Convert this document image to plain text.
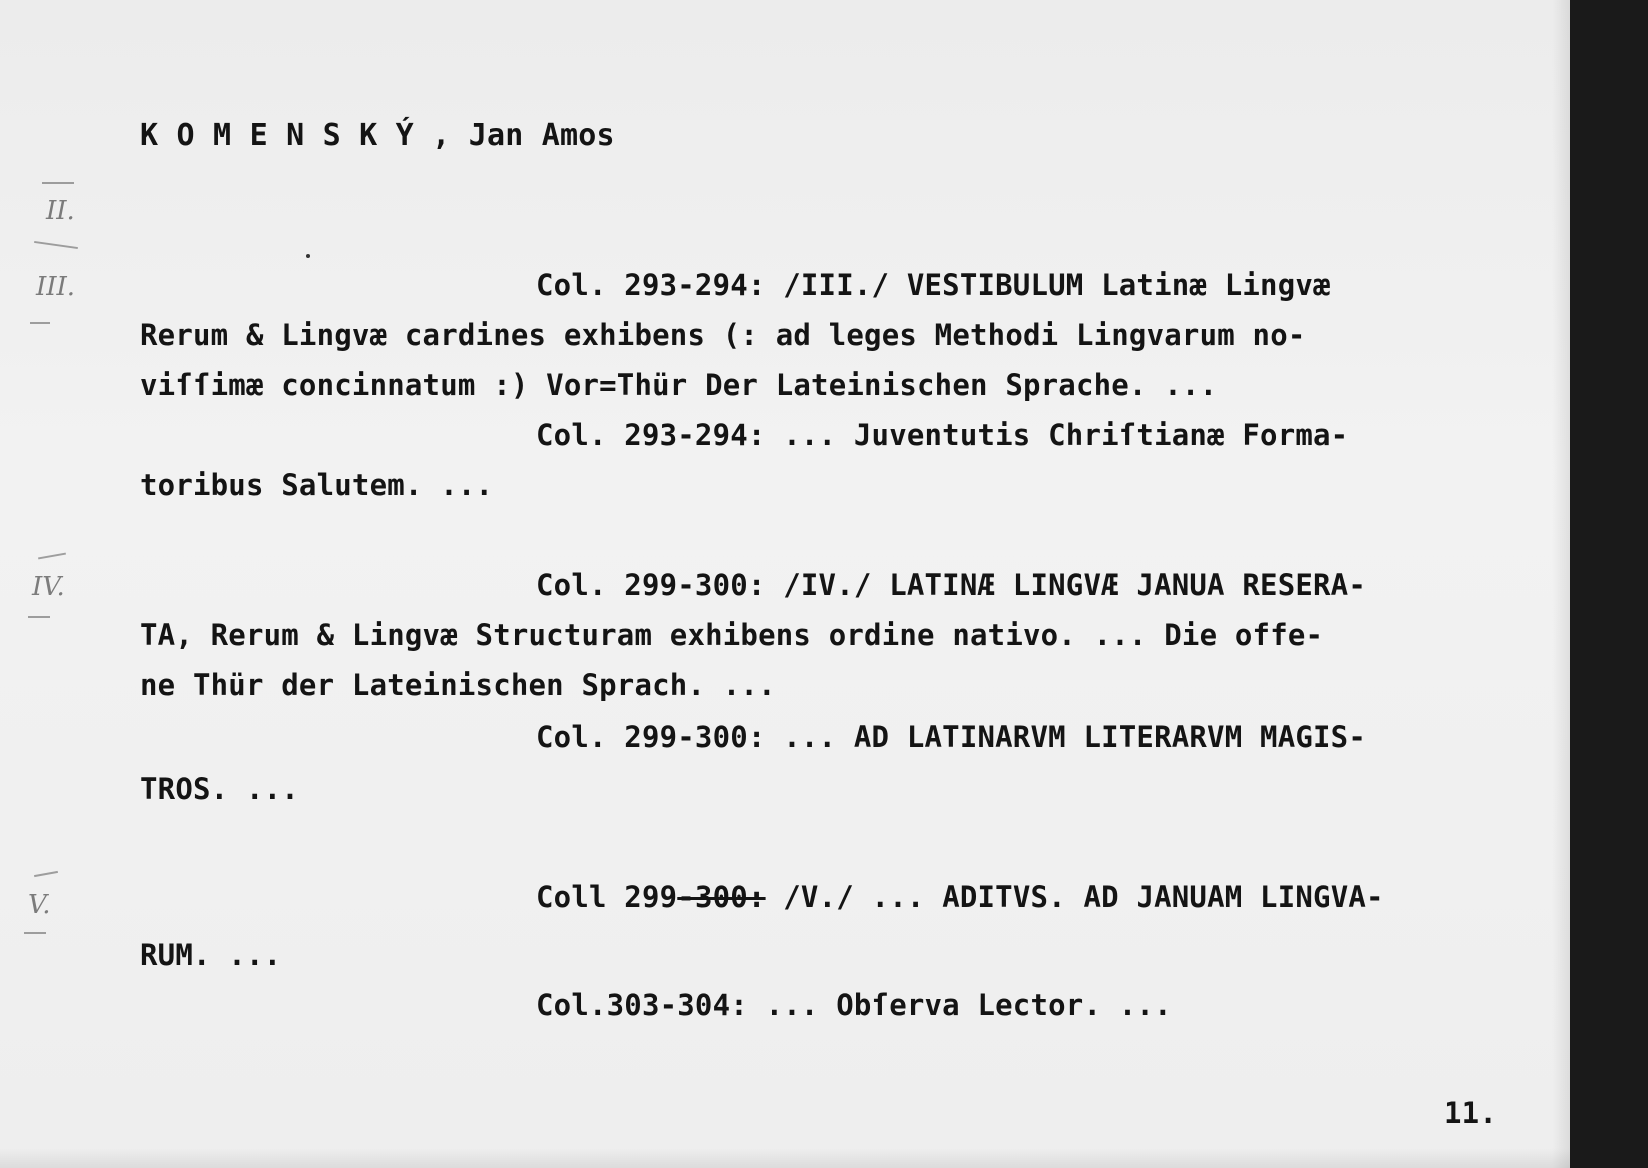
K O M E N S K Ý , Jan Amos
II.
III.
IV.
V.
Col. 293-294: /III./ VESTIBULUM Latinæ Lingvæ
Rerum & Lingvæ cardines exhibens (: ad leges Methodi Lingvarum no-
viſſimæ concinnatum :) Vor=Thür Der Lateinischen Sprache. ...
Col. 293-294: ... Juventutis Chriſtianæ Forma-
toribus Salutem. ...
Col. 299-300: /IV./ LATINÆ LINGVÆ JANUA RESERA-
TA, Rerum & Lingvæ Structuram exhibens ordine nativo. ... Die offe-
ne Thür der Lateinischen Sprach. ...
Col. 299-300: ... AD LATINARVM LITERARVM MAGIS-
TROS. ...
Coll 299-300: /V./ ... ADITVS. AD JANUAM LINGVA-
RUM. ...
Col.303-304: ... Obſerva Lector. ...
11.
